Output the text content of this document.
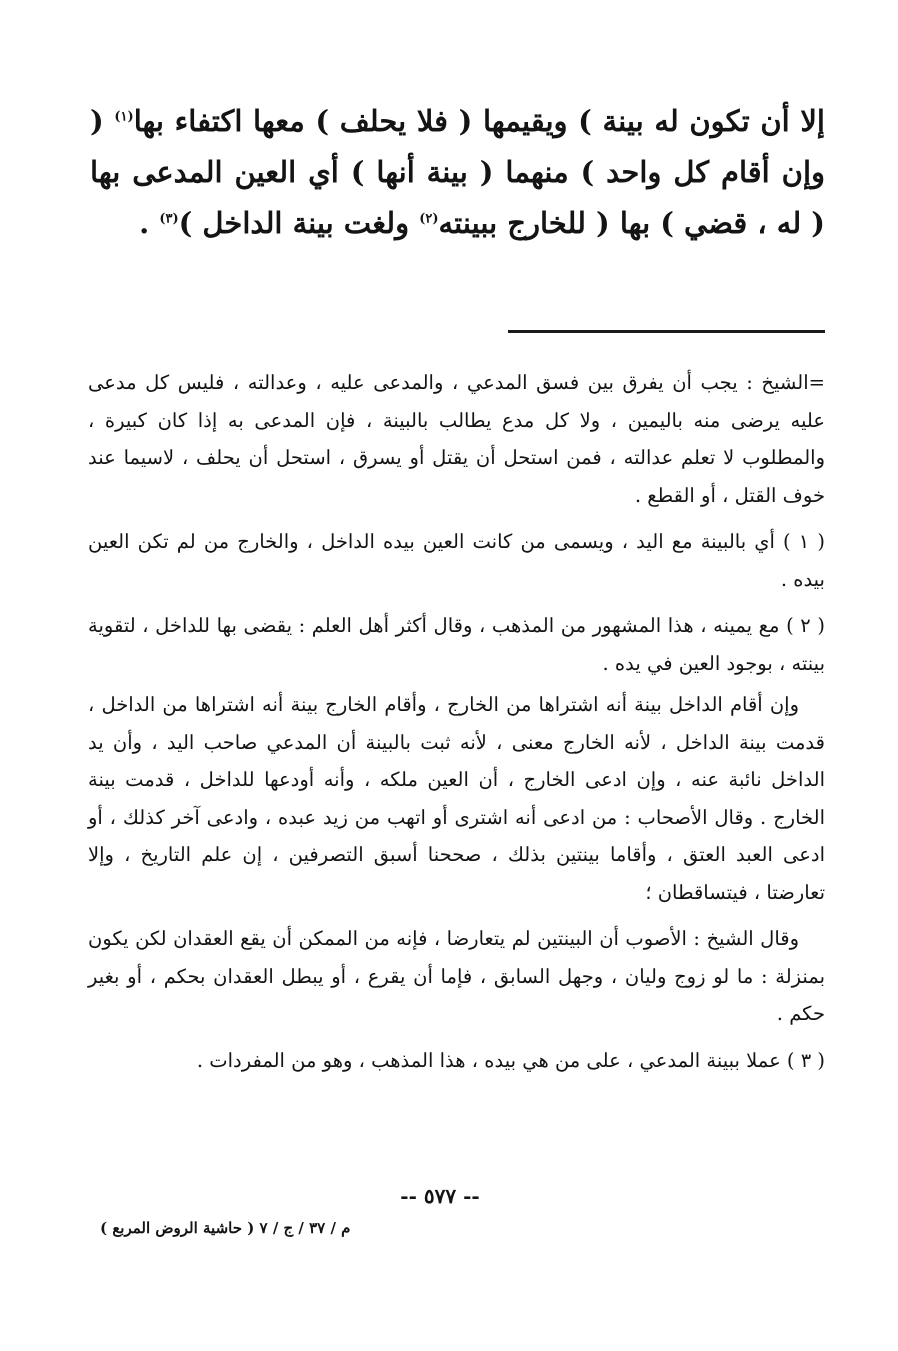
إلا أن تكون له بينة ) ويقيمها ( فلا يحلف ) معها اكتفاء بها$^{(١)}$ ( وإن أقام كل واحد ) منهما ( بينة أنها ) أي العين المدعى بها ( له ، قضي ) بها ( للخارج ببينته$^{(٢)}$ ولغت بينة الداخل )$^{(٣)}$ .

=الشيخ : يجب أن يفرق بين فسق المدعي ، والمدعى عليه ، وعدالته ، فليس كل مدعى عليه يرضى منه باليمين ، ولا كل مدع يطالب بالبينة ، فإن المدعى به إذا كان كبيرة ، والمطلوب لا تعلم عدالته ، فمن استحل أن يقتل أو يسرق ، استحل أن يحلف ، لاسيما عند خوف القتل ، أو القطع .

( ١ ) أي بالبينة مع اليد ، ويسمى من كانت العين بيده الداخل ، والخارج من لم تكن العين بيده .

( ٢ ) مع يمينه ، هذا المشهور من المذهب ، وقال أكثر أهل العلم : يقضى بها للداخل ، لتقوية بينته ، بوجود العين في يده .

وإن أقام الداخل بينة أنه اشتراها من الخارج ، وأقام الخارج بينة أنه اشتراها من الداخل ، قدمت بينة الداخل ، لأنه الخارج معنى ، لأنه ثبت بالبينة أن المدعي صاحب اليد ، وأن يد الداخل نائبة عنه ، وإن ادعى الخارج ، أن العين ملكه ، وأنه أودعها للداخل ، قدمت بينة الخارج . وقال الأصحاب : من ادعى أنه اشترى أو اتهب من زيد عبده ، وادعى آخر كذلك ، أو ادعى العبد العتق ، وأقاما بينتين بذلك ، صححنا أسبق التصرفين ، إن علم التاريخ ، وإلا تعارضتا ، فيتساقطان ؛

وقال الشيخ : الأصوب أن البينتين لم يتعارضا ، فإنه من الممكن أن يقع العقدان لكن يكون بمنزلة : ما لو زوج وليان ، وجهل السابق ، فإما أن يقرع ، أو يبطل العقدان بحكم ، أو بغير حكم .

( ٣ ) عملا ببينة المدعي ، على من هي بيده ، هذا المذهب ، وهو من المفردات .

-- ٥٧٧ --
م / ٣٧ / ج / ٧ ( حاشية الروض المربع )
